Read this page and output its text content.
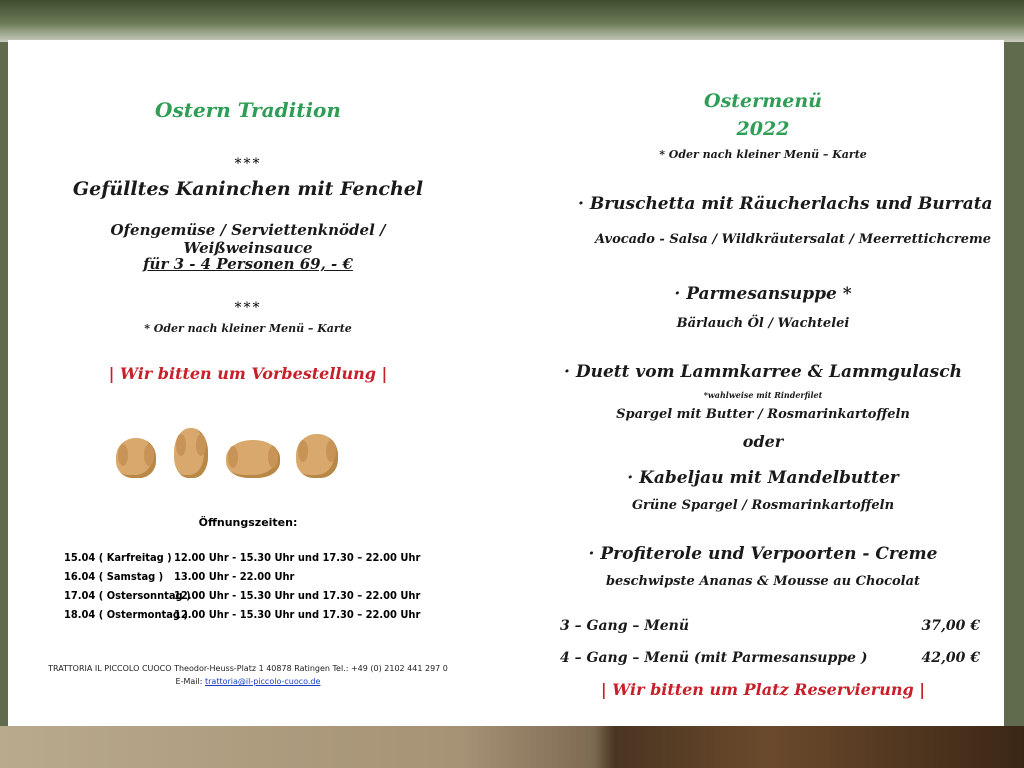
Ostern Tradition
***
Gefülltes Kaninchen mit Fenchel
Ofengemüse / Serviettenknödel / Weißweinsauce
für 3 - 4 Personen 69, - €
***
* Oder nach kleiner Menü – Karte
| Wir bitten um Vorbestellung |
Öffnungszeiten:
15.04 ( Karfreitag ) 12.00 Uhr - 15.30 Uhr und 17.30 – 22.00 Uhr
16.04 ( Samstag ) 13.00 Uhr - 22.00 Uhr
17.04 ( Ostersonntag )
12.00 Uhr - 15.30 Uhr und 17.30 – 22.00 Uhr
18.04 ( Ostermontag )
12.00 Uhr - 15.30 Uhr und 17.30 – 22.00 Uhr
TRATTORIA IL PICCOLO CUOCO Theodor-Heuss-Platz 1 40878 Ratingen Tel.: +49 (0) 2102 441 297 0
E-Mail: trattoria@il-piccolo-cuoco.de
Ostermenü
2022
* Oder nach kleiner Menü – Karte
· Bruschetta mit Räucherlachs und Burrata
Avocado - Salsa / Wildkräutersalat / Meerrettichcreme
· Parmesansuppe *
Bärlauch Öl / Wachtelei
· Duett vom Lammkarree & Lammgulasch
*wahlweise mit Rinderfilet
Spargel mit Butter / Rosmarinkartoffeln
oder
· Kabeljau mit Mandelbutter
Grüne Spargel / Rosmarinkartoffeln
· Profiterole und Verpoorten - Creme
beschwipste Ananas & Mousse au Chocolat
3 – Gang – Menü	37,00 €
4 – Gang – Menü (mit Parmesansuppe )	42,00 €
| Wir bitten um Platz Reservierung |
